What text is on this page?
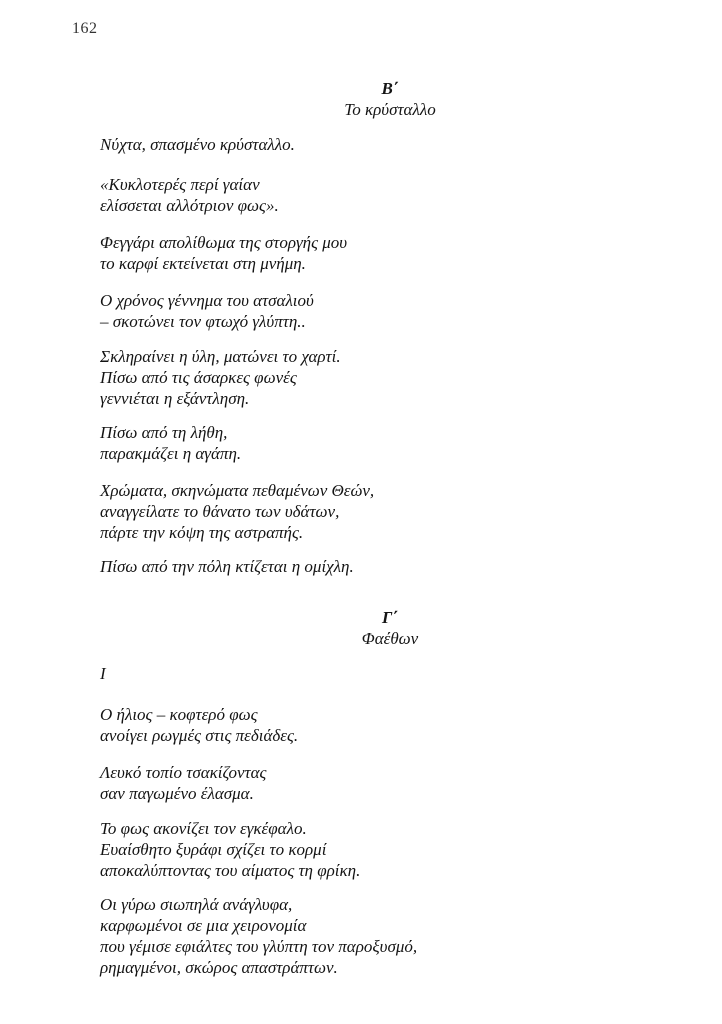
162
B΄
Το κρύσταλλο
Νύχτα, σπασμένο κρύσταλλο.
«Κυκλοτερές περί γαίαν
ελίσσεται αλλότριον φως».
Φεγγάρι απολίθωμα της στοργής μου
το καρφί εκτείνεται στη μνήμη.
Ο χρόνος γέννημα του ατσαλιού
– σκοτώνει τον φτωχό γλύπτη..
Σκληραίνει η ύλη, ματώνει το χαρτί.
Πίσω από τις άσαρκες φωνές
γεννιέται η εξάντληση.
Πίσω από τη λήθη,
παρακμάζει η αγάπη.
Χρώματα, σκηνώματα πεθαμένων Θεών,
αναγγείλατε το θάνατο των υδάτων,
πάρτε την κόψη της αστραπής.
Πίσω από την πόλη κτίζεται η ομίχλη.
Γ΄
Φαέθων
Ι
Ο ήλιος – κοφτερό φως
ανοίγει ρωγμές στις πεδιάδες.
Λευκό τοπίο τσακίζοντας
σαν παγωμένο έλασμα.
Το φως ακονίζει τον εγκέφαλο.
Ευαίσθητο ξυράφι σχίζει το κορμί
αποκαλύπτοντας του αίματος τη φρίκη.
Οι γύρω σιωπηλά ανάγλυφα,
καρφωμένοι σε μια χειρονομία
που γέμισε εφιάλτες του γλύπτη τον παροξυσμό,
ρημαγμένοι, σκώρος απαστράπτων.
